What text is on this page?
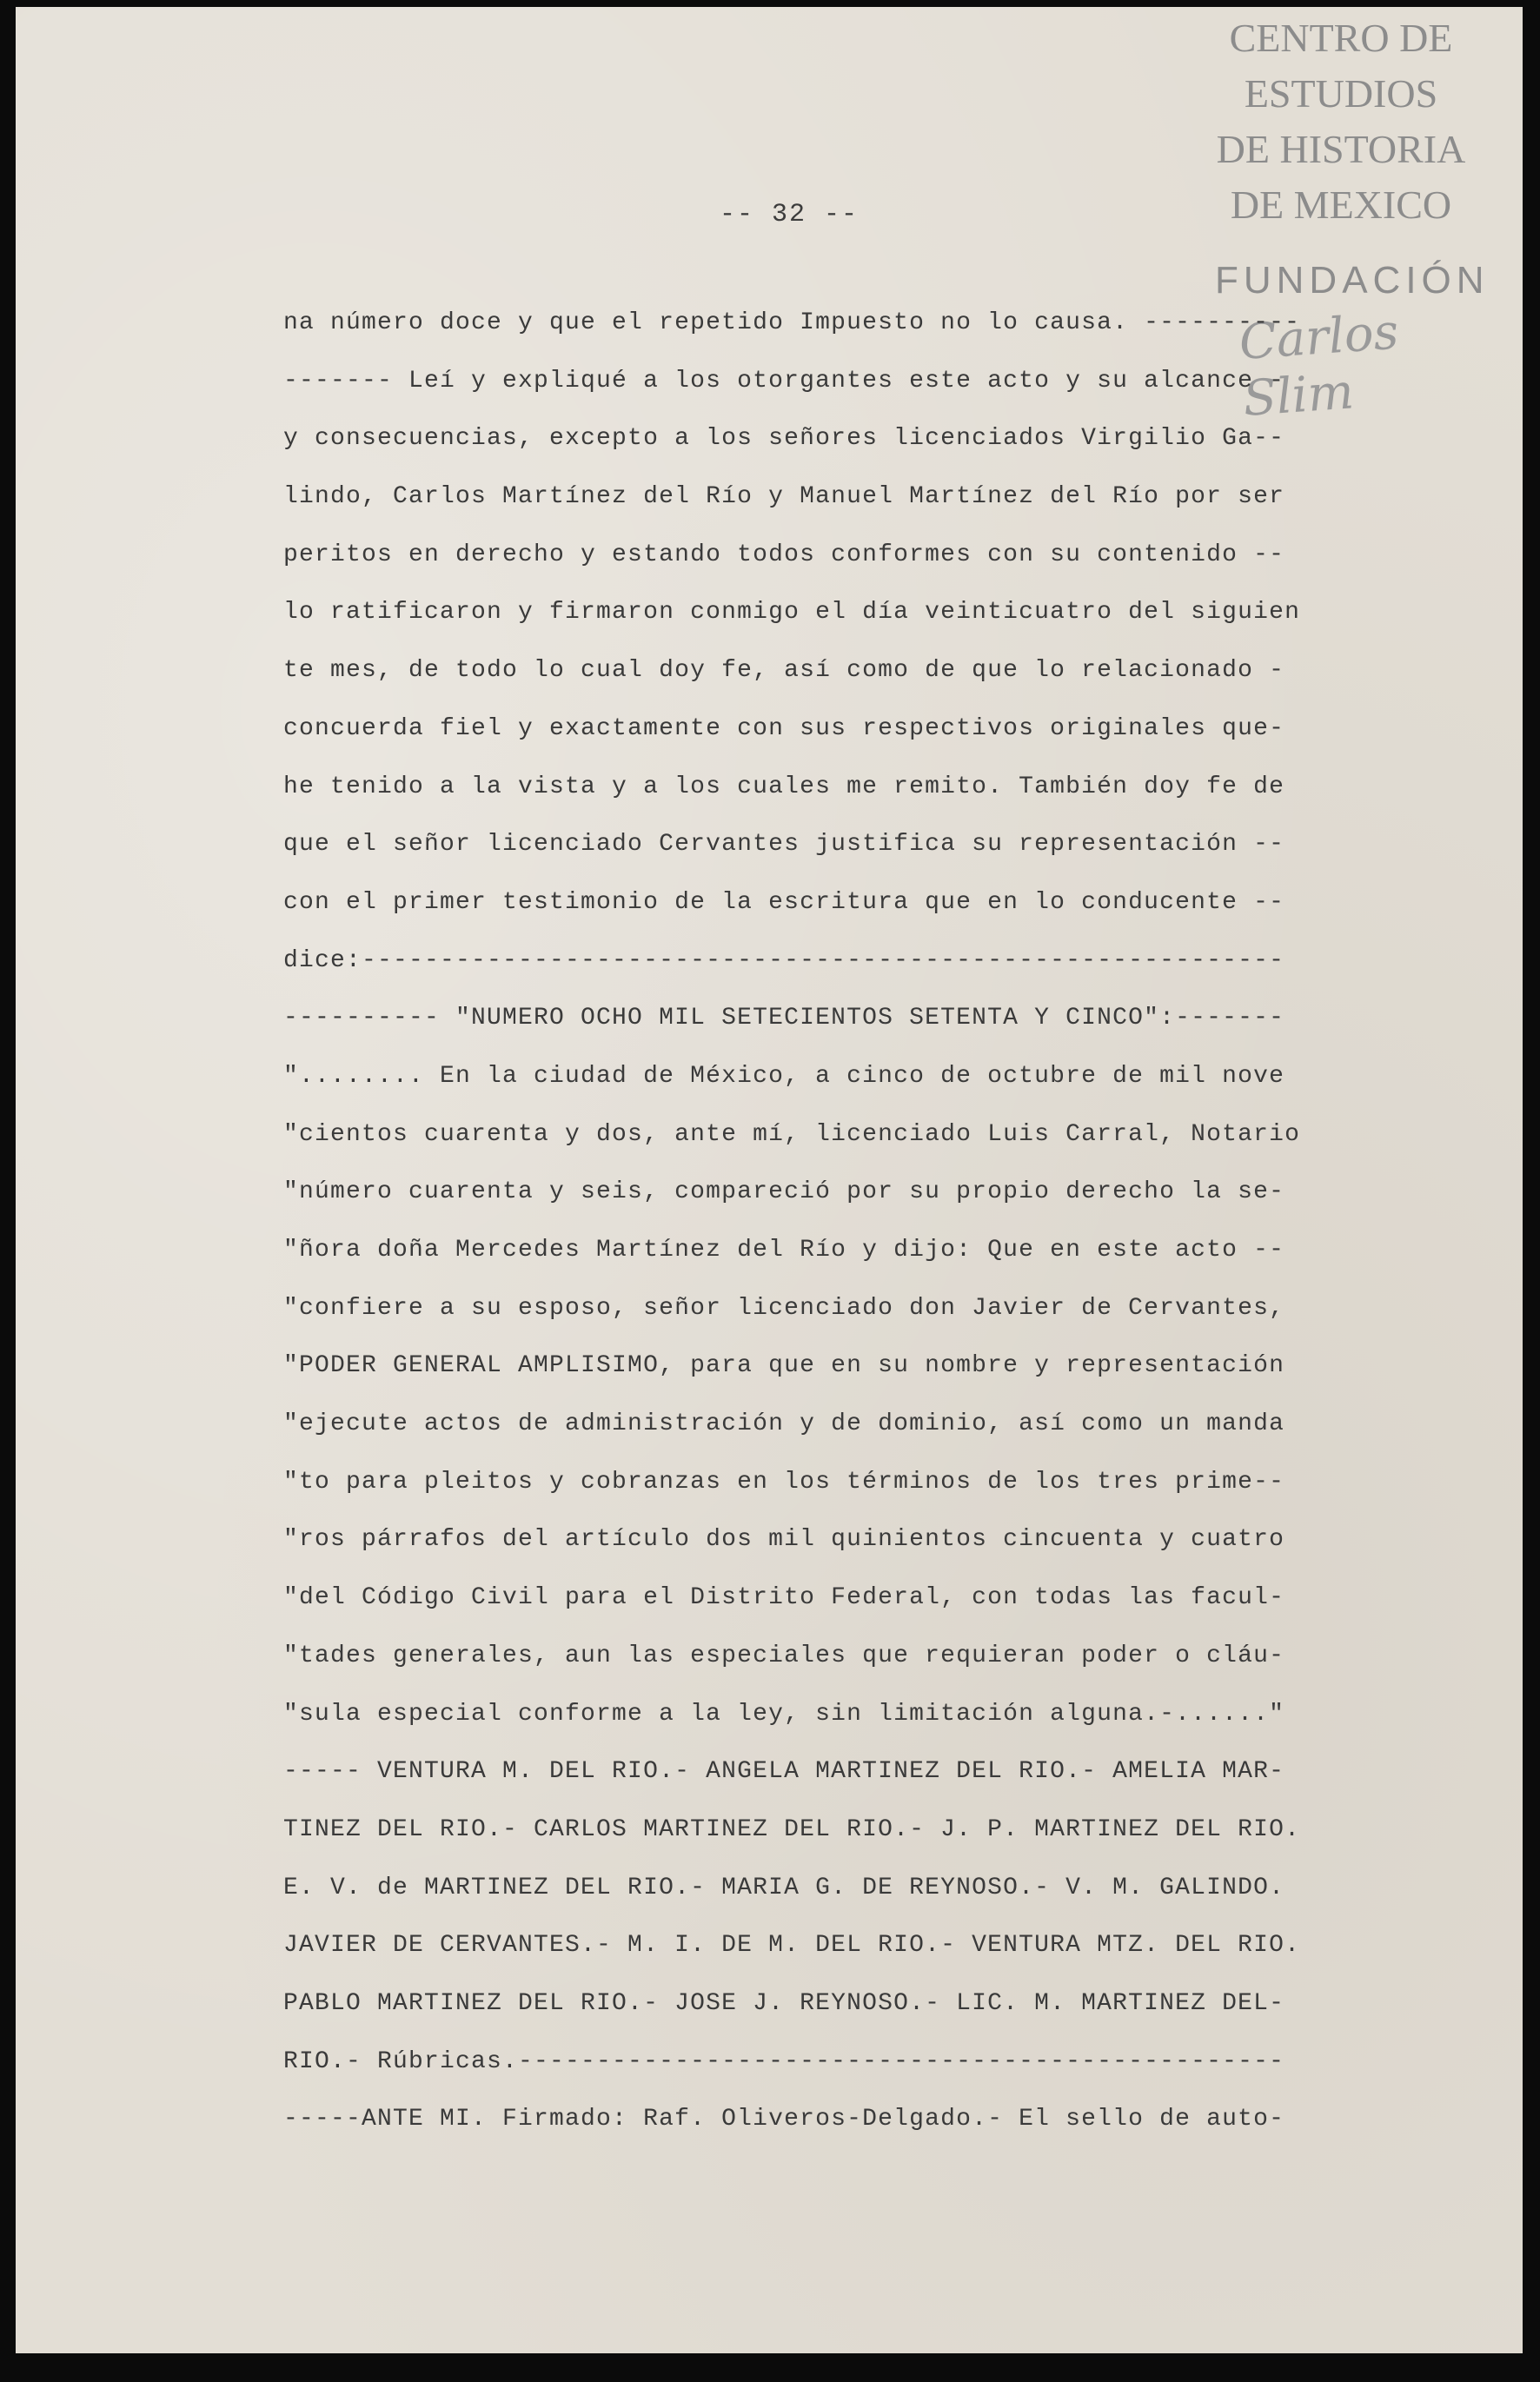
CENTRO DE
ESTUDIOS
DE HISTORIA
DE MEXICO
FUNDACIÓN
Carlos Slim
-- 32 --
na número doce y que el repetido Impuesto no lo causa. ----------
------- Leí y expliqué a los otorgantes este acto y su alcance -
y consecuencias, excepto a los señores licenciados Virgilio Ga--
lindo, Carlos Martínez del Río y Manuel Martínez del Río por ser
peritos en derecho y estando todos conformes con su contenido --
lo ratificaron y firmaron conmigo el día veinticuatro del siguien
te mes, de todo lo cual doy fe, así como de que lo relacionado -
concuerda fiel y exactamente con sus respectivos originales que-
he tenido a la vista y a los cuales me remito. También doy fe de
que el señor licenciado Cervantes justifica su representación --
con el primer testimonio de la escritura que en lo conducente --
dice:-----------------------------------------------------------
---------- "NUMERO OCHO MIL SETECIENTOS SETENTA Y CINCO":-------
"........ En la ciudad de México, a cinco de octubre de mil nove
"cientos cuarenta y dos, ante mí, licenciado Luis Carral, Notario
"número cuarenta y seis, compareció por su propio derecho la se-
"ñora doña Mercedes Martínez del Río y dijo: Que en este acto --
"confiere a su esposo, señor licenciado don Javier de Cervantes,
"PODER GENERAL AMPLISIMO, para que en su nombre y representación
"ejecute actos de administración y de dominio, así como un manda
"to para pleitos y cobranzas en los términos de los tres prime--
"ros párrafos del artículo dos mil quinientos cincuenta y cuatro
"del Código Civil para el Distrito Federal, con todas las facul-
"tades generales, aun las especiales que requieran poder o cláu-
"sula especial conforme a la ley, sin limitación alguna.-......"
----- VENTURA M. DEL RIO.- ANGELA MARTINEZ DEL RIO.- AMELIA MAR-
TINEZ DEL RIO.- CARLOS MARTINEZ DEL RIO.- J. P. MARTINEZ DEL RIO.
E. V. de MARTINEZ DEL RIO.- MARIA G. DE REYNOSO.- V. M. GALINDO.
JAVIER DE CERVANTES.- M. I. DE M. DEL RIO.- VENTURA MTZ. DEL RIO.
PABLO MARTINEZ DEL RIO.- JOSE J. REYNOSO.- LIC. M. MARTINEZ DEL-
RIO.- Rúbricas.-------------------------------------------------
-----ANTE MI. Firmado: Raf. Oliveros-Delgado.- El sello de auto-
